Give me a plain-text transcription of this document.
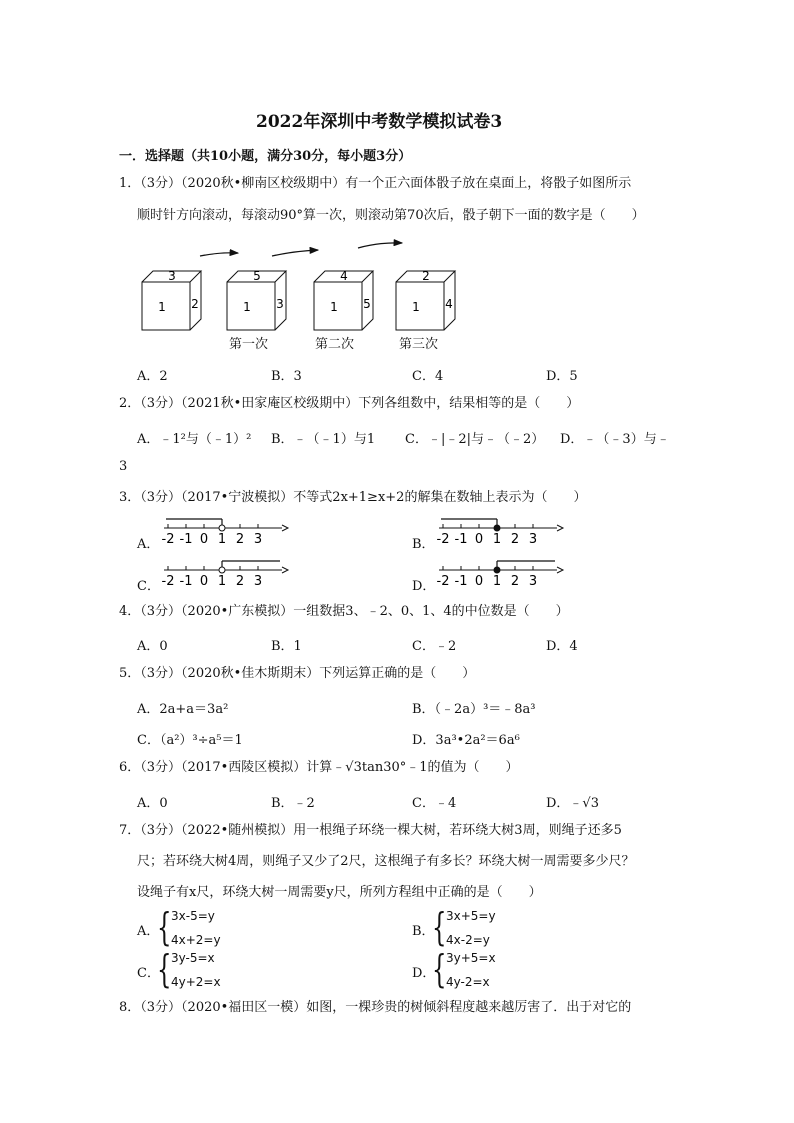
2022年深圳中考数学模拟试卷3
一．选择题（共10小题，满分30分，每小题3分）
1．（3分）（2020秋•柳南区校级期中）有一个正六面体骰子放在桌面上，将骰子如图所示
顺时针方向滚动，每滚动90°算一次，则滚动第70次后，骰子朝下一面的数字是（　　）
3
1 2
5
1 3
4
1 5
2
1 4
第一次	第二次	第三次
A．2	B．3	C．4	D．5
2．（3分）（2021秋•田家庵区校级期中）下列各组数中，结果相等的是（　　）
A．﹣1²与（﹣1）² B．﹣（﹣1）与1 C．﹣|﹣2|与﹣（﹣2） D．﹣（﹣3）与﹣
3
3．（3分）（2017•宁波模拟）不等式2x+1≥x+2的解集在数轴上表示为（　　）
A．	B．
C．	D．
-2 -1 0 1 2 3	-2 -1 0 1 2 3
-2 -1 0 1 2 3	-2 -1 0 1 2 3
4．（3分）（2020•广东模拟）一组数据3、﹣2、0、1、4的中位数是（　　）
A．0	B．1	C．﹣2	D．4
5．（3分）（2020秋•佳木斯期末）下列运算正确的是（　　）
A．2a+a＝3a²	B．（﹣2a）³＝﹣8a³
C．（a²）³÷a⁵＝1	D．3a³•2a²＝6a⁶
6．（3分）（2017•西陵区模拟）计算﹣√3tan30°﹣1的值为（　　）
A．0	B．﹣2	C．﹣4	D．﹣√3
7．（3分）（2022•随州模拟）用一根绳子环绕一棵大树，若环绕大树3周，则绳子还多5
尺；若环绕大树4周，则绳子又少了2尺，这根绳子有多长？环绕大树一周需要多少尺？
设绳子有x尺，环绕大树一周需要y尺，所列方程组中正确的是（　　）
A．
{ 3x-5=y
4x+2=y
B．
{ 3x+5=y
4x-2=y
C．
{ 3y-5=x
4y+2=x
D．
{ 3y+5=x
4y-2=x
8．（3分）（2020•福田区一模）如图，一棵珍贵的树倾斜程度越来越厉害了．出于对它的
